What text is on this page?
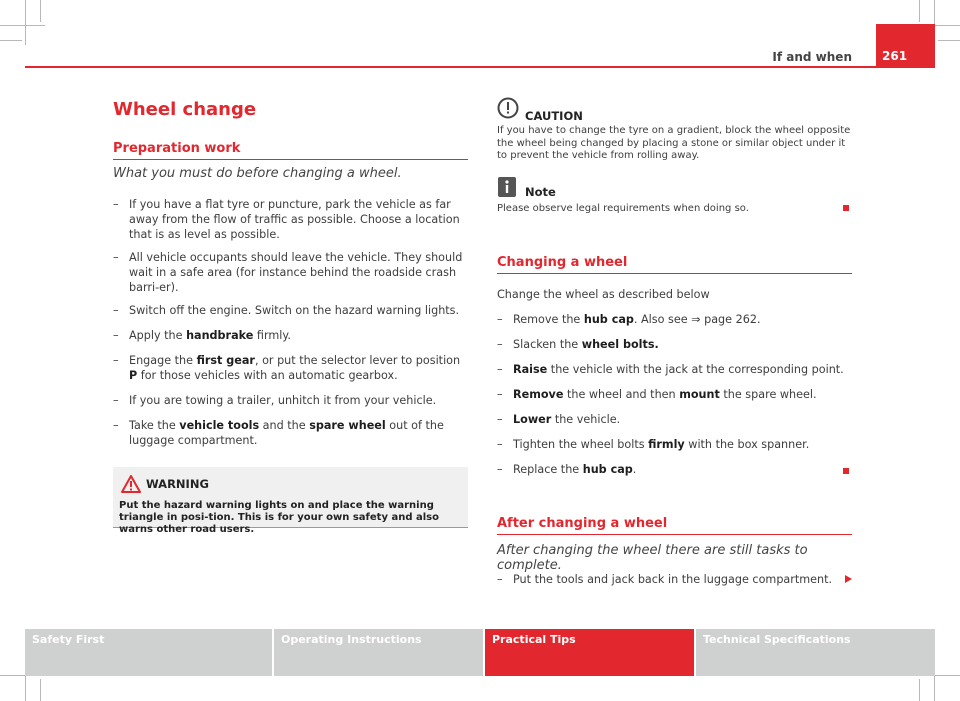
If and when	261
Wheel change
Preparation work
What you must do before changing a wheel.
– If you have a flat tyre or puncture, park the vehicle as far away from the flow of traffic as possible. Choose a location that is as level as possible.
– All vehicle occupants should leave the vehicle. They should wait in a safe area (for instance behind the roadside crash barri-er).
– Switch off the engine. Switch on the hazard warning lights.
– Apply the handbrake firmly.
– Engage the first gear, or put the selector lever to position P for those vehicles with an automatic gearbox.
– If you are towing a trailer, unhitch it from your vehicle.
– Take the vehicle tools and the spare wheel out of the luggage compartment.
WARNING
Put the hazard warning lights on and place the warning triangle in posi-tion. This is for your own safety and also warns other road users.
CAUTION
If you have to change the tyre on a gradient, block the wheel opposite the wheel being changed by placing a stone or similar object under it to prevent the vehicle from rolling away.
Note
Please observe legal requirements when doing so.
Changing a wheel
Change the wheel as described below
– Remove the hub cap. Also see ⇒ page 262.
– Slacken the wheel bolts.
– Raise the vehicle with the jack at the corresponding point.
– Remove the wheel and then mount the spare wheel.
– Lower the vehicle.
– Tighten the wheel bolts firmly with the box spanner.
– Replace the hub cap.
After changing a wheel
After changing the wheel there are still tasks to complete.
– Put the tools and jack back in the luggage compartment.
Safety First	Operating Instructions	Practical Tips	Technical Specifications
